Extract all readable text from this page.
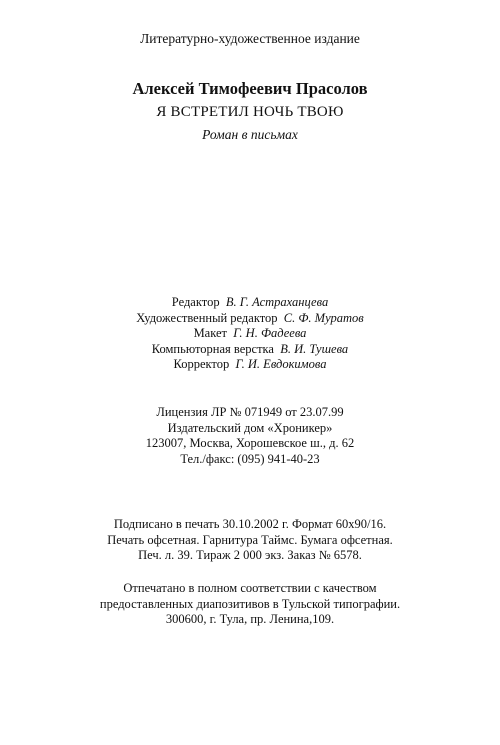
Литературно-художественное издание
Алексей Тимофеевич Прасолов
Я ВСТРЕТИЛ НОЧЬ ТВОЮ
Роман в письмах
Редактор В. Г. Астраханцева
Художественный редактор С. Ф. Муратов
Макет Г. Н. Фадеева
Компьюторная верстка В. И. Тушева
Корректор Г. И. Евдокимова
Лицензия ЛР № 071949 от 23.07.99
Издательский дом «Хроникер»
123007, Москва, Хорошевское ш., д. 62
Тел./факс: (095) 941-40-23
Подписано в печать 30.10.2002 г. Формат 60х90/16.
Печать офсетная. Гарнитура Таймс. Бумага офсетная.
Печ. л. 39. Тираж 2 000 экз. Заказ № 6578.
Отпечатано в полном соответствии с качеством
предоставленных диапозитивов в Тульской типографии.
300600, г. Тула, пр. Ленина,109.
